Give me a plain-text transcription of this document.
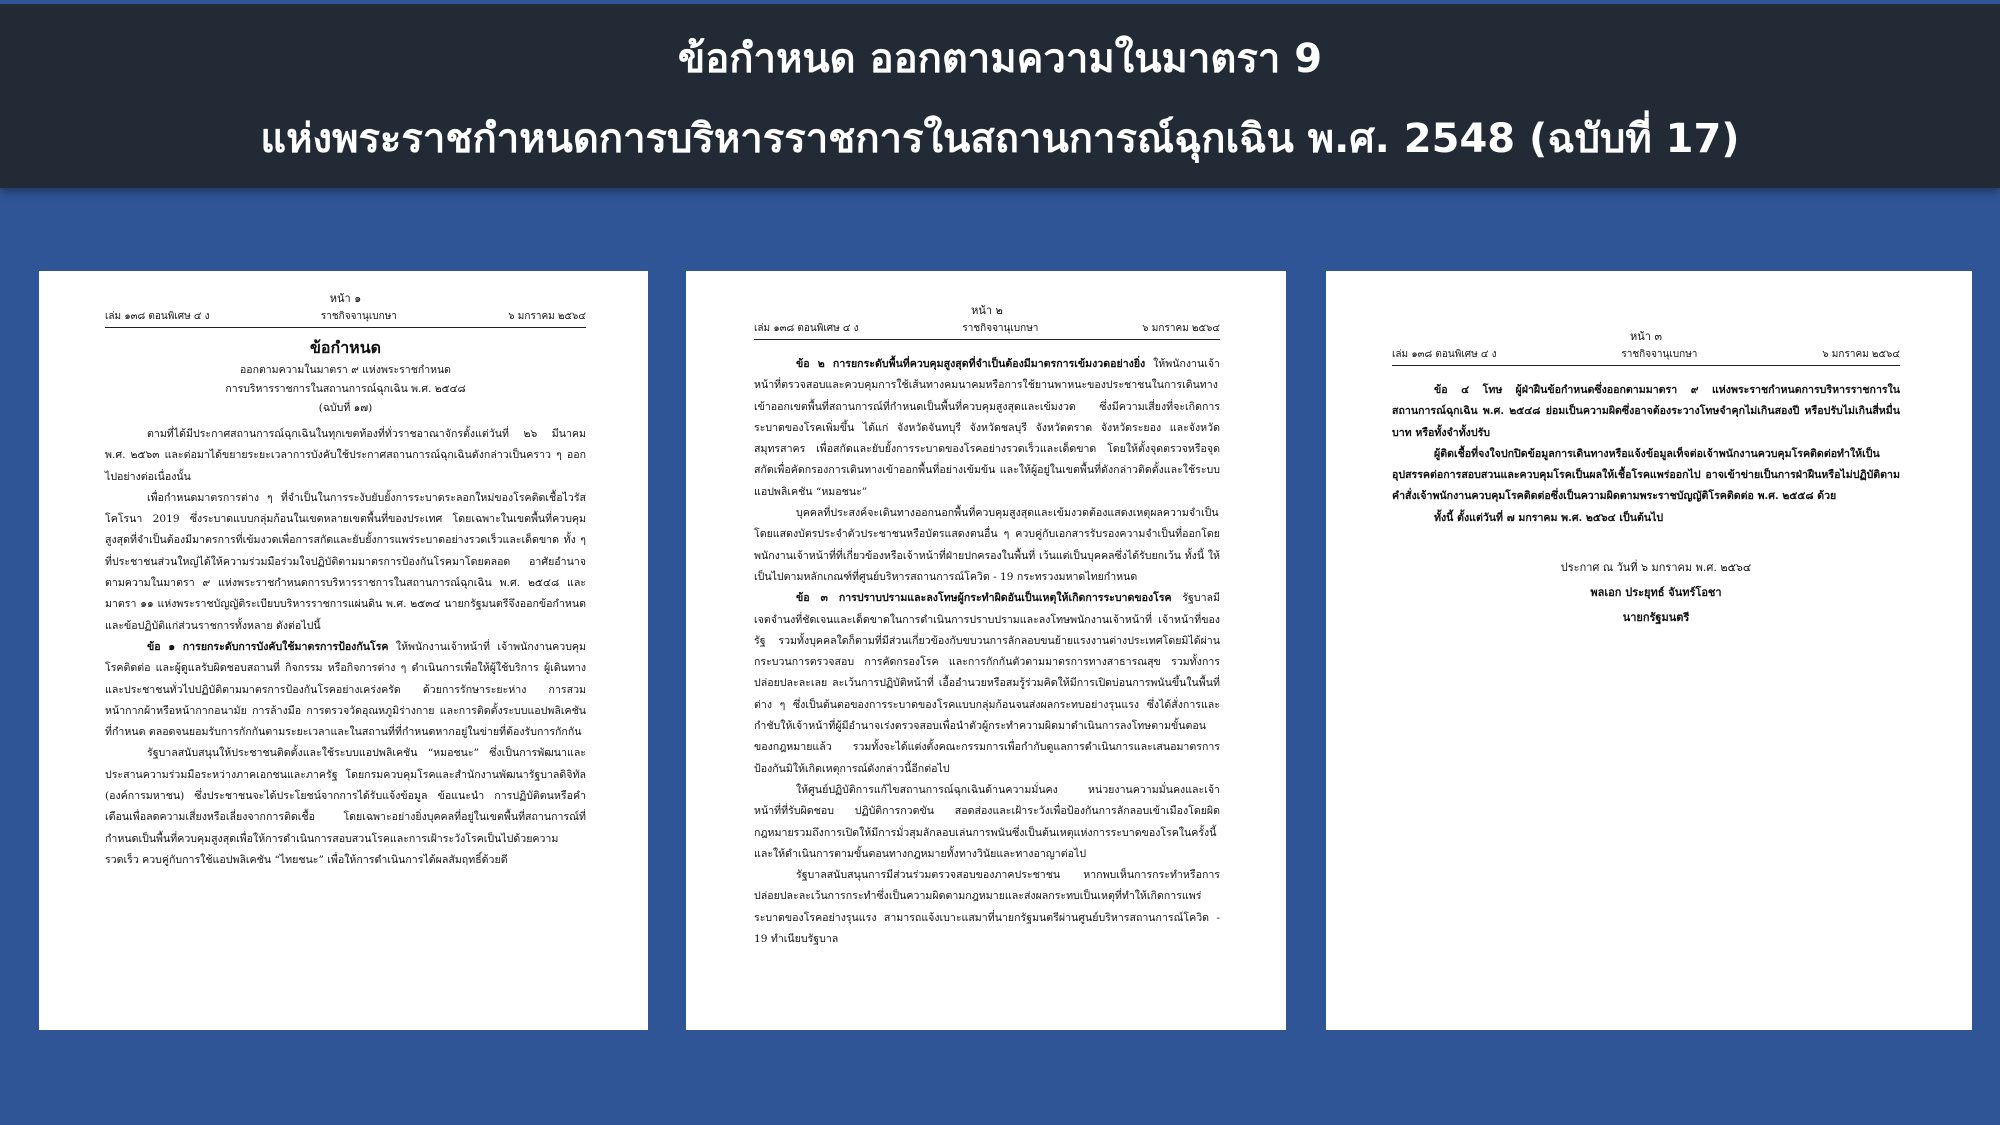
ข้อกำหนด ออกตามความในมาตรา 9
แห่งพระราชกำหนดการบริหารราชการในสถานการณ์ฉุกเฉิน พ.ศ. 2548 (ฉบับที่ 17)
หน้า ๑
เล่ม ๑๓๘ ตอนพิเศษ ๔ ง	ราชกิจจานุเบกษา	๖ มกราคม ๒๕๖๔
ข้อกำหนด
ออกตามความในมาตรา ๙ แห่งพระราชกำหนด
การบริหารราชการในสถานการณ์ฉุกเฉิน พ.ศ. ๒๕๔๘
(ฉบับที่ ๑๗)

ตามที่ได้มีประกาศสถานการณ์ฉุกเฉินในทุกเขตท้องที่ทั่วราชอาณาจักรตั้งแต่วันที่ ๒๖ มีนาคม พ.ศ. ๒๕๖๓ และต่อมาได้ขยายระยะเวลาการบังคับใช้ประกาศสถานการณ์ฉุกเฉินดังกล่าวเป็นคราว ๆ ออกไปอย่างต่อเนื่องนั้น

เพื่อกำหนดมาตรการต่าง ๆ ที่จำเป็นในการระงับยับยั้งการระบาดระลอกใหม่ของโรคติดเชื้อไวรัสโคโรนา 2019 ซึ่งระบาดแบบกลุ่มก้อนในเขตหลายเขตพื้นที่ของประเทศ โดยเฉพาะในเขตพื้นที่ควบคุมสูงสุดที่จำเป็นต้องมีมาตรการที่เข้มงวดเพื่อการสกัดและยับยั้งการแพร่ระบาดอย่างรวดเร็วและเด็ดขาด ทั้ง ๆ ที่ประชาชนส่วนใหญ่ได้ให้ความร่วมมือร่วมใจปฏิบัติตามมาตรการป้องกันโรคมาโดยตลอด อาศัยอำนาจตามความในมาตรา ๙ แห่งพระราชกำหนดการบริหารราชการในสถานการณ์ฉุกเฉิน พ.ศ. ๒๕๔๘ และมาตรา ๑๑ แห่งพระราชบัญญัติระเบียบบริหารราชการแผ่นดิน พ.ศ. ๒๕๓๔ นายกรัฐมนตรีจึงออกข้อกำหนดและข้อปฏิบัติแก่ส่วนราชการทั้งหลาย ดังต่อไปนี้

ข้อ ๑ การยกระดับการบังคับใช้มาตรการป้องกันโรค ให้พนักงานเจ้าหน้าที่ เจ้าพนักงานควบคุมโรคติดต่อ และผู้ดูแลรับผิดชอบสถานที่ กิจกรรม หรือกิจการต่าง ๆ ดำเนินการเพื่อให้ผู้ใช้บริการ ผู้เดินทาง และประชาชนทั่วไปปฏิบัติตามมาตรการป้องกันโรคอย่างเคร่งครัด ด้วยการรักษาระยะห่าง การสวมหน้ากากผ้าหรือหน้ากากอนามัย การล้างมือ การตรวจวัดอุณหภูมิร่างกาย และการติดตั้งระบบแอปพลิเคชันที่กำหนด ตลอดจนยอมรับการกักกันตามระยะเวลาและในสถานที่ที่กำหนดหากอยู่ในข่ายที่ต้องรับการกักกัน

รัฐบาลสนับสนุนให้ประชาชนติดตั้งและใช้ระบบแอปพลิเคชัน “หมอชนะ” ซึ่งเป็นการพัฒนาและประสานความร่วมมือระหว่างภาคเอกชนและภาครัฐ โดยกรมควบคุมโรคและสำนักงานพัฒนารัฐบาลดิจิทัล (องค์การมหาชน) ซึ่งประชาชนจะได้ประโยชน์จากการได้รับแจ้งข้อมูล ข้อแนะนำ การปฏิบัติตนหรือคำเตือนเพื่อลดความเสี่ยงหรือเลี่ยงจากการติดเชื้อ โดยเฉพาะอย่างยิ่งบุคคลที่อยู่ในเขตพื้นที่สถานการณ์ที่กำหนดเป็นพื้นที่ควบคุมสูงสุดเพื่อให้การดำเนินการสอบสวนโรคและการเฝ้าระวังโรคเป็นไปด้วยความรวดเร็ว ควบคู่กับการใช้แอปพลิเคชัน “ไทยชนะ” เพื่อให้การดำเนินการได้ผลสัมฤทธิ์ด้วยดี

หน้า ๒
เล่ม ๑๓๘ ตอนพิเศษ ๔ ง	ราชกิจจานุเบกษา	๖ มกราคม ๒๕๖๔

ข้อ ๒ การยกระดับพื้นที่ควบคุมสูงสุดที่จำเป็นต้องมีมาตรการเข้มงวดอย่างยิ่ง ให้พนักงานเจ้าหน้าที่ตรวจสอบและควบคุมการใช้เส้นทางคมนาคมหรือการใช้ยานพาหนะของประชาชนในการเดินทางเข้าออกเขตพื้นที่สถานการณ์ที่กำหนดเป็นพื้นที่ควบคุมสูงสุดและเข้มงวด ซึ่งมีความเสี่ยงที่จะเกิดการระบาดของโรคเพิ่มขึ้น ได้แก่ จังหวัดจันทบุรี จังหวัดชลบุรี จังหวัดตราด จังหวัดระยอง และจังหวัดสมุทรสาคร เพื่อสกัดและยับยั้งการระบาดของโรคอย่างรวดเร็วและเด็ดขาด โดยให้ตั้งจุดตรวจหรือจุดสกัดเพื่อคัดกรองการเดินทางเข้าออกพื้นที่อย่างเข้มข้น และให้ผู้อยู่ในเขตพื้นที่ดังกล่าวติดตั้งและใช้ระบบแอปพลิเคชัน “หมอชนะ”

บุคคลที่ประสงค์จะเดินทางออกนอกพื้นที่ควบคุมสูงสุดและเข้มงวดต้องแสดงเหตุผลความจำเป็นโดยแสดงบัตรประจำตัวประชาชนหรือบัตรแสดงตนอื่น ๆ ควบคู่กับเอกสารรับรองความจำเป็นที่ออกโดยพนักงานเจ้าหน้าที่ที่เกี่ยวข้องหรือเจ้าหน้าที่ฝ่ายปกครองในพื้นที่ เว้นแต่เป็นบุคคลซึ่งได้รับยกเว้น ทั้งนี้ ให้เป็นไปตามหลักเกณฑ์ที่ศูนย์บริหารสถานการณ์โควิด - 19 กระทรวงมหาดไทยกำหนด

ข้อ ๓ การปราบปรามและลงโทษผู้กระทำผิดอันเป็นเหตุให้เกิดการระบาดของโรค รัฐบาลมีเจตจำนงที่ชัดเจนและเด็ดขาดในการดำเนินการปราบปรามและลงโทษพนักงานเจ้าหน้าที่ เจ้าหน้าที่ของรัฐ รวมทั้งบุคคลใดก็ตามที่มีส่วนเกี่ยวข้องกับขบวนการลักลอบขนย้ายแรงงานต่างประเทศโดยมิได้ผ่านกระบวนการตรวจสอบ การคัดกรองโรค และการกักกันตัวตามมาตรการทางสาธารณสุข รวมทั้งการปล่อยปละละเลย ละเว้นการปฏิบัติหน้าที่ เอื้ออำนวยหรือสมรู้ร่วมคิดให้มีการเปิดบ่อนการพนันขึ้นในพื้นที่ต่าง ๆ ซึ่งเป็นต้นตอของการระบาดของโรคแบบกลุ่มก้อนจนส่งผลกระทบอย่างรุนแรง ซึ่งได้สั่งการและกำชับให้เจ้าหน้าที่ผู้มีอำนาจเร่งตรวจสอบเพื่อนำตัวผู้กระทำความผิดมาดำเนินการลงโทษตามขั้นตอนของกฎหมายแล้ว รวมทั้งจะได้แต่งตั้งคณะกรรมการเพื่อกำกับดูแลการดำเนินการและเสนอมาตรการป้องกันมิให้เกิดเหตุการณ์ดังกล่าวนี้อีกต่อไป

ให้ศูนย์ปฏิบัติการแก้ไขสถานการณ์ฉุกเฉินด้านความมั่นคง หน่วยงานความมั่นคงและเจ้าหน้าที่ที่รับผิดชอบ ปฏิบัติการกวดขัน สอดส่องและเฝ้าระวังเพื่อป้องกันการลักลอบเข้าเมืองโดยผิดกฎหมายรวมถึงการเปิดให้มีการมั่วสุมลักลอบเล่นการพนันซึ่งเป็นต้นเหตุแห่งการระบาดของโรคในครั้งนี้ และให้ดำเนินการตามขั้นตอนทางกฎหมายทั้งทางวินัยและทางอาญาต่อไป

รัฐบาลสนับสนุนการมีส่วนร่วมตรวจสอบของภาคประชาชน หากพบเห็นการกระทำหรือการปล่อยปละละเว้นการกระทำซึ่งเป็นความผิดตามกฎหมายและส่งผลกระทบเป็นเหตุที่ทำให้เกิดการแพร่ระบาดของโรคอย่างรุนแรง สามารถแจ้งเบาะแสมาที่นายกรัฐมนตรีผ่านศูนย์บริหารสถานการณ์โควิด - 19 ทำเนียบรัฐบาล

หน้า ๓
เล่ม ๑๓๘ ตอนพิเศษ ๔ ง	ราชกิจจานุเบกษา	๖ มกราคม ๒๕๖๔

ข้อ ๔ โทษ ผู้ฝ่าฝืนข้อกำหนดซึ่งออกตามมาตรา ๙ แห่งพระราชกำหนดการบริหารราชการในสถานการณ์ฉุกเฉิน พ.ศ. ๒๕๔๘ ย่อมเป็นความผิดซึ่งอาจต้องระวางโทษจำคุกไม่เกินสองปี หรือปรับไม่เกินสี่หมื่นบาท หรือทั้งจำทั้งปรับ

ผู้ติดเชื้อที่จงใจปกปิดข้อมูลการเดินทางหรือแจ้งข้อมูลเท็จต่อเจ้าพนักงานควบคุมโรคติดต่อทำให้เป็นอุปสรรคต่อการสอบสวนและควบคุมโรคเป็นผลให้เชื้อโรคแพร่ออกไป อาจเข้าข่ายเป็นการฝ่าฝืนหรือไม่ปฏิบัติตามคำสั่งเจ้าพนักงานควบคุมโรคติดต่อซึ่งเป็นความผิดตามพระราชบัญญัติโรคติดต่อ พ.ศ. ๒๕๕๘ ด้วย

ทั้งนี้ ตั้งแต่วันที่ ๗ มกราคม พ.ศ. ๒๕๖๔ เป็นต้นไป

ประกาศ ณ วันที่ ๖ มกราคม พ.ศ. ๒๕๖๔
พลเอก ประยุทธ์ จันทร์โอชา
นายกรัฐมนตรี
